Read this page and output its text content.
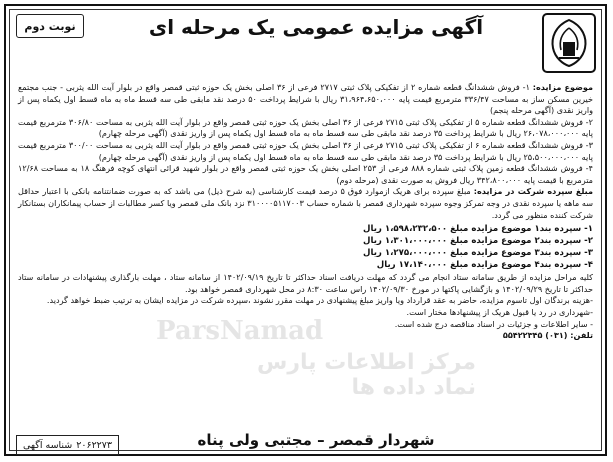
نوبت دوم	آگهی مزایده عمومی یک مرحله ای

موضوع مزایده: ۱- فروش ششدانگ قطعه شماره ۲ از تفکیکی پلاک ثبتی ۲۷۱۷ فرعی از ۳۶ اصلی بخش یک حوزه ثبتی قمصر واقع در بلوار آیت الله یثربی - جنب مجتمع خیرین مسکن ساز به مساحت ۳۳۶/۴۷ مترمربع قیمت پایه ۳۱،۹۶۴،۶۵۰،۰۰۰ ریال با شرایط پرداخت ۵۰ درصد نقد مابقی طی سه قسط ماه به ماه قسط اول یکماه پس از واریز نقدی (آگهی مرحله پنجم)

۲- فروش ششدانگ قطعه شماره ۵ از تفکیکی پلاک ثبتی ۲۷۱۵ فرعی از ۳۶ اصلی بخش یک حوزه ثبتی قمصر واقع در بلوار آیت الله یثربی به مساحت ۳۰۶/۸۰ مترمربع قیمت پایه ۲۶،۰۷۸،۰۰۰،۰۰۰ ریال با شرایط پرداخت ۳۵ درصد نقد مابقی طی سه قسط ماه به ماه قسط اول یکماه پس از واریز نقدی (آگهی مرحله چهارم)

۳- فروش ششدانگ قطعه شماره ۶ از تفکیکی پلاک ثبتی ۲۷۱۵ فرعی از ۳۶ اصلی بخش یک حوزه ثبتی قمصر واقع در بلوار آیت الله یثربی به مساحت ۳۰۰/۰۰ مترمربع قیمت پایه ۲۵،۵۰۰،۰۰۰،۰۰۰ ریال با شرایط پرداخت ۳۵ درصد نقد مابقی طی سه قسط ماه به ماه قسط اول یکماه پس از واریز نقدی (آگهی مرحله چهارم)

۴- فروش ششدانگ قطعه زمین پلاک ثبتی شماره ۸۸۸ فرعی از ۲۵۳ اصلی بخش یک حوزه ثبتی قمصر واقع در بلوار شهید قرائی انتهای کوچه فرهنگ ۱۸ به مساحت ۱۲/۶۸ مترمربع با قیمت پایه ۳۴۲،۸۰۰،۰۰۰ ریال فروش به صورت نقدی (مرحله دوم)

مبلغ سپرده شرکت در مزایده: مبلغ سپرده برای هریک ازموارد فوق ۵ درصد قیمت کارشناسی (به شرح ذیل) می باشد که به صورت ضمانتنامه بانکی با اعتبار حداقل سه ماهه یا سپرده نقدی در وجه تمرکز وجوه سپرده شهرداری قمصر با شماره حساب ۳۱۰۰۰۰۵۱۱۷۰۰۳ نزد بانک ملی قمصر ویا کسر مطالبات از حساب پیمانکاران بستانکار شرکت کننده منظور می گردد.

۱- سپرده بند۱ موضوع مزایده مبلغ ۱،۵۹۸،۲۳۲،۵۰۰ ریال
۲- سپرده بند۲ موضوع مزایده مبلغ ۱،۳۰۱،۰۰۰،۰۰۰ ریال
۳- سپرده بند۳ موضوع مزایده مبلغ ۱،۲۷۵،۰۰۰،۰۰۰ ریال
۴- سپرده بند۴ موضوع مزایده مبلغ ۱۷،۱۴۰،۰۰۰ ریال

کلیه مراحل مزایده از طریق سامانه ستاد انجام می گردد که مهلت دریافت اسناد حداکثر تا تاریخ ۱۴۰۲/۰۹/۱۹ از سامانه ستاد ، مهلت بارگذاری پیشنهادات در سامانه ستاد حداکثر تا تاریخ ۱۴۰۲/۰۹/۲۹ و بازگشایی پاکتها در مورخ ۱۴۰۲/۰۹/۳۰ راس ساعت ۸:۳۰ در محل شهرداری قمصر خواهد بود.

-هزینه برندگان اول تاسوم مزایده، حاضر به عقد قرارداد ویا واریز مبلغ پیشنهادی در مهلت مقرر نشوند ،سپرده شرکت در مزایده ایشان به ترتیب ضبط خواهد گردید.

-شهرداری در رد یا قبول هریک از پیشنهادها مختار است.

- سایر اطلاعات و جزئیات در اسناد مناقصه درج شده است.

تلفن: (۰۳۱) ۵۵۴۲۲۳۴۵

ParsNamad
مرکز اطلاعات پارس نماد داده ها
شهردار قمصر – مجتبی ولی پناه
۲۰۶۲۲۷۳
شناسه آگهی
